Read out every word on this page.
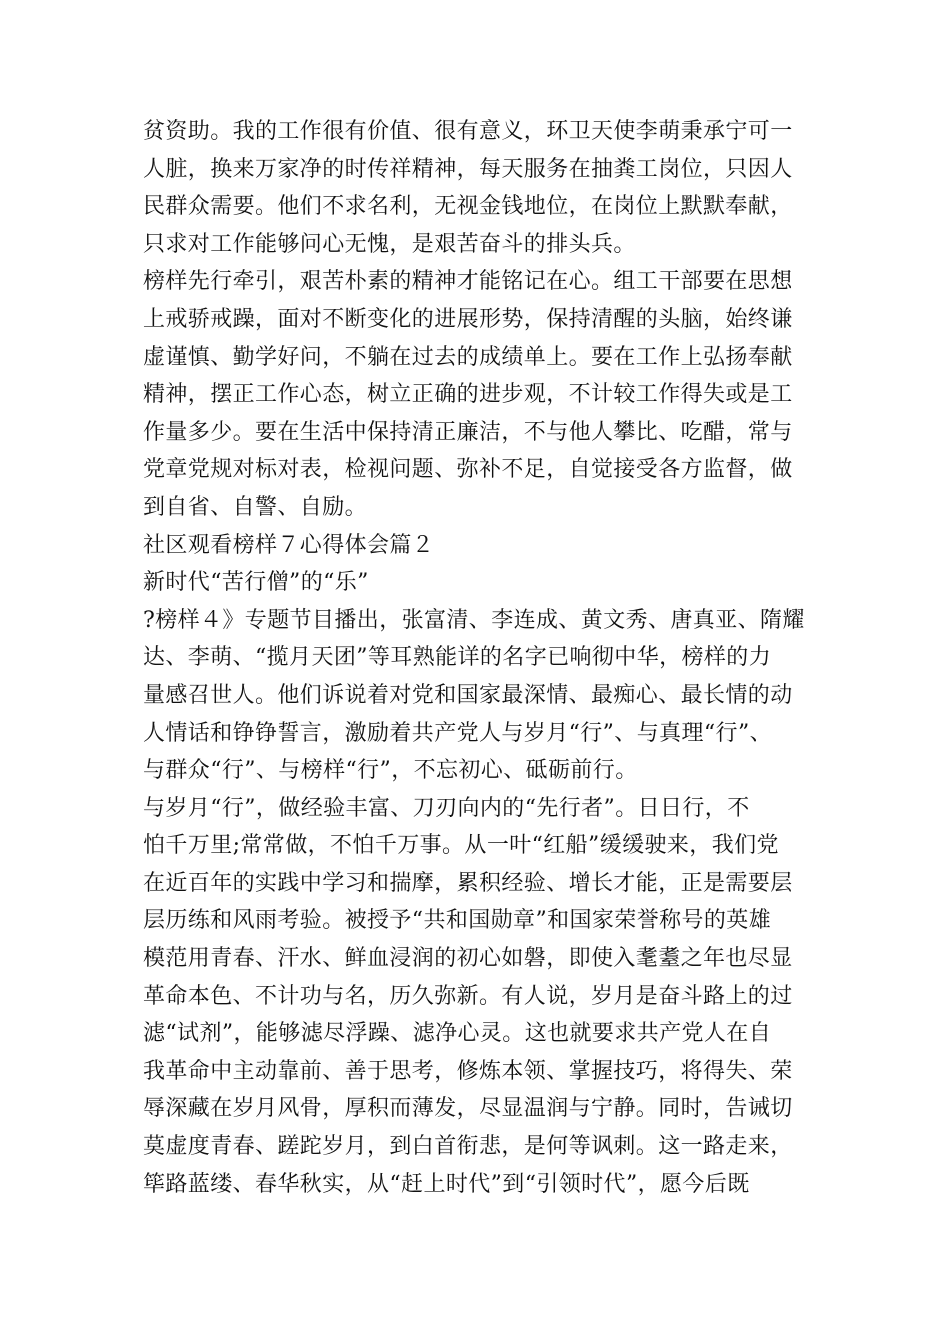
贫资助。我的工作很有价值、很有意义，环卫天使李萌秉承宁可一
人脏，换来万家净的时传祥精神，每天服务在抽粪工岗位，只因人
民群众需要。他们不求名利，无视金钱地位，在岗位上默默奉献，
只求对工作能够问心无愧，是艰苦奋斗的排头兵。
榜样先行牵引，艰苦朴素的精神才能铭记在心。组工干部要在思想
上戒骄戒躁，面对不断变化的进展形势，保持清醒的头脑，始终谦
虚谨慎、勤学好问，不躺在过去的成绩单上。要在工作上弘扬奉献
精神，摆正工作心态，树立正确的进步观，不计较工作得失或是工
作量多少。要在生活中保持清正廉洁，不与他人攀比、吃醋，常与
党章党规对标对表，检视问题、弥补不足，自觉接受各方监督，做
到自省、自警、自励。
社区观看榜样７心得体会篇２
新时代“苦行僧”的“乐”
?榜样４》专题节目播出，张富清、李连成、黄文秀、唐真亚、隋耀
达、李萌、“揽月天团”等耳熟能详的名字已响彻中华，榜样的力
量感召世人。他们诉说着对党和国家最深情、最痴心、最长情的动
人情话和铮铮誓言，激励着共产党人与岁月“行”、与真理“行”、
与群众“行”、与榜样“行”，不忘初心、砥砺前行。
与岁月“行”，做经验丰富、刀刃向内的“先行者”。日日行，不
怕千万里;常常做，不怕千万事。从一叶“红船”缓缓驶来，我们党
在近百年的实践中学习和揣摩，累积经验、增长才能，正是需要层
层历练和风雨考验。被授予“共和国勋章”和国家荣誉称号的英雄
模范用青春、汗水、鲜血浸润的初心如磐，即使入耄耋之年也尽显
革命本色、不计功与名，历久弥新。有人说，岁月是奋斗路上的过
滤“试剂”，能够滤尽浮躁、滤净心灵。这也就要求共产党人在自
我革命中主动靠前、善于思考，修炼本领、掌握技巧，将得失、荣
辱深藏在岁月风骨，厚积而薄发，尽显温润与宁静。同时，告诫切
莫虚度青春、蹉跎岁月，到白首衔悲，是何等讽刺。这一路走来，
筚路蓝缕、春华秋实，从“赶上时代”到“引领时代”，愿今后既
